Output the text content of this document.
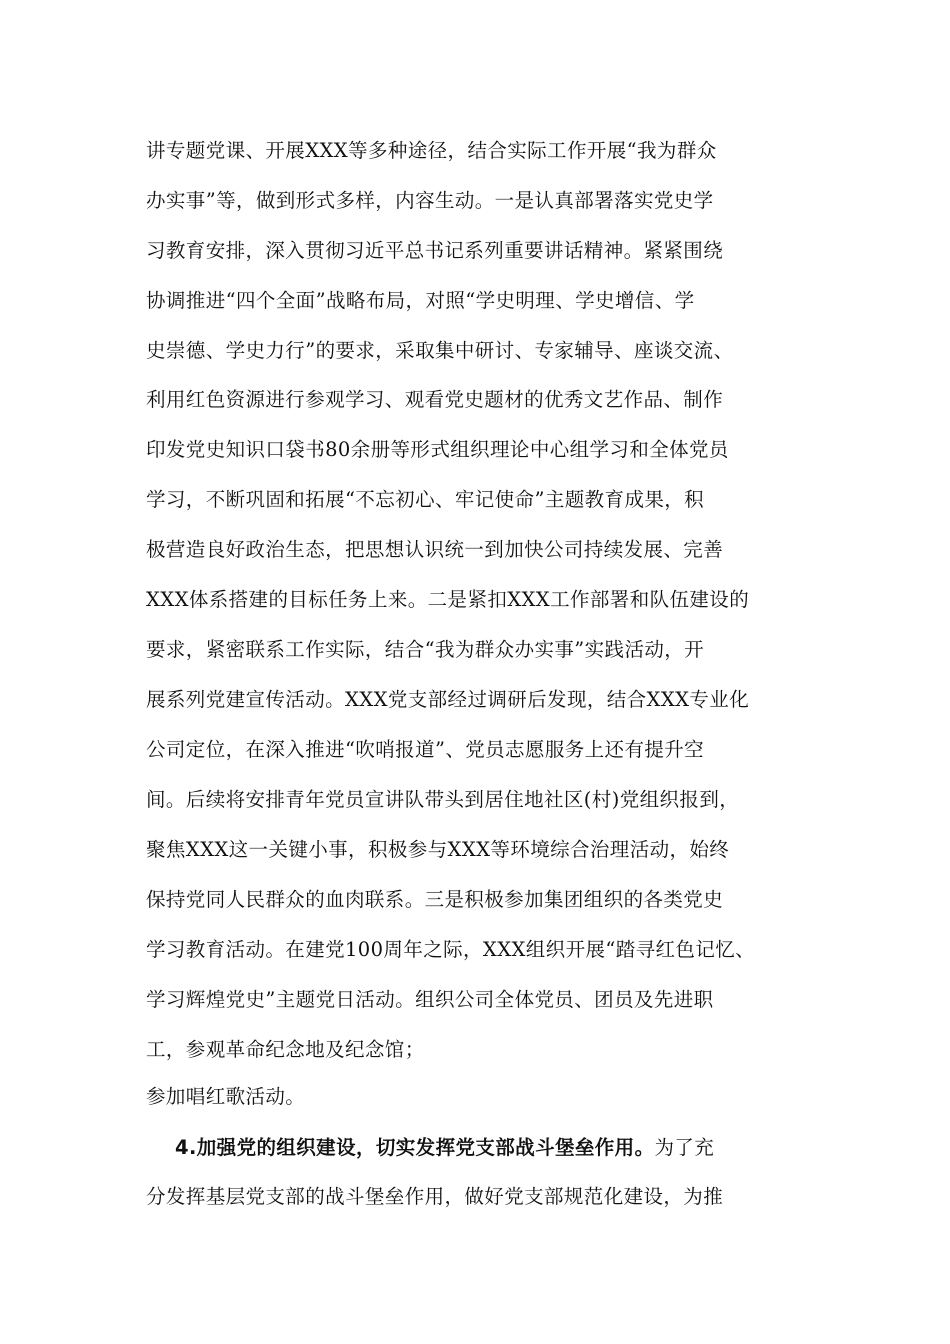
讲专题党课、开展XXX等多种途径，结合实际工作开展“我为群众
办实事”等，做到形式多样，内容生动。一是认真部署落实党史学
习教育安排，深入贯彻习近平总书记系列重要讲话精神。紧紧围绕
协调推进“四个全面”战略布局，对照“学史明理、学史增信、学
史崇德、学史力行”的要求，采取集中研讨、专家辅导、座谈交流、
利用红色资源进行参观学习、观看党史题材的优秀文艺作品、制作
印发党史知识口袋书80余册等形式组织理论中心组学习和全体党员
学习，不断巩固和拓展“不忘初心、牢记使命”主题教育成果，积
极营造良好政治生态，把思想认识统一到加快公司持续发展、完善
XXX体系搭建的目标任务上来。二是紧扣XXX工作部署和队伍建设的
要求，紧密联系工作实际，结合“我为群众办实事”实践活动，开
展系列党建宣传活动。XXX党支部经过调研后发现，结合XXX专业化
公司定位，在深入推进“吹哨报道”、党员志愿服务上还有提升空
间。后续将安排青年党员宣讲队带头到居住地社区(村)党组织报到，
聚焦XXX这一关键小事，积极参与XXX等环境综合治理活动，始终
保持党同人民群众的血肉联系。三是积极参加集团组织的各类党史
学习教育活动。在建党100周年之际，XXX组织开展“踏寻红色记忆、
学习辉煌党史”主题党日活动。组织公司全体党员、团员及先进职
工，参观革命纪念地及纪念馆；
参加唱红歌活动。
4.加强党的组织建设，切实发挥党支部战斗堡垒作用。为了充
分发挥基层党支部的战斗堡垒作用，做好党支部规范化建设，为推
